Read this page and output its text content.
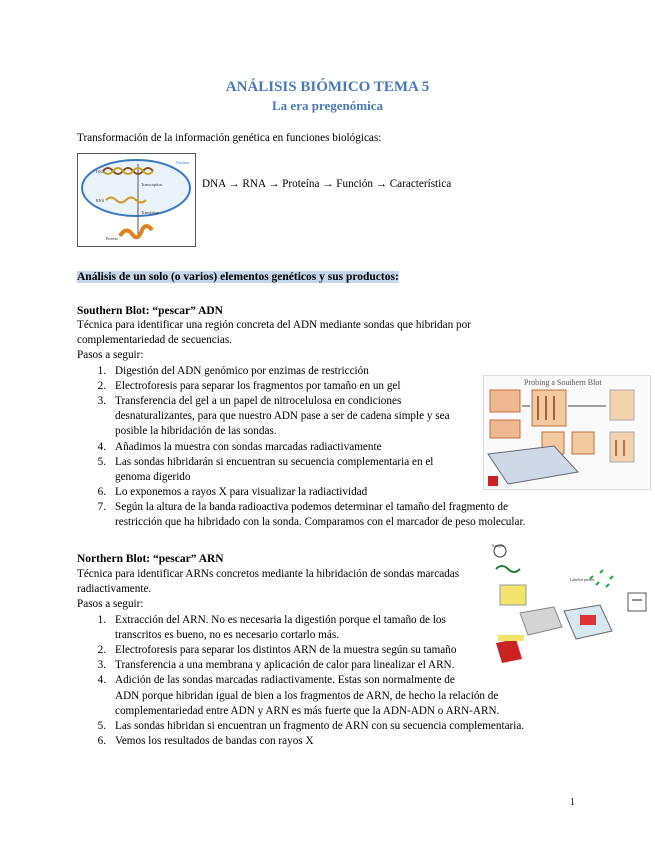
ANÁLISIS BIÓMICO TEMA 5
La era pregenómica
Transformación de la información genética en funciones biológicas:
Nucleus
DNA
Transcription
RNA
Translation
Protein
DNA → RNA → Proteína → Función → Característica
Análisis de un solo (o varios) elementos genéticos y sus productos:
Southern Blot: “pescar” ADN
Técnica para identificar una región concreta del ADN mediante sondas que hibridan por
complementariedad de secuencias.
Pasos a seguir:
1. Digestión del ADN genómico por enzimas de restricción
2. Electroforesis para separar los fragmentos por tamaño en un gel
3. Transferencia del gel a un papel de nitrocelulosa en condiciones
desnaturalizantes, para que nuestro ADN pase a ser de cadena simple y sea
posible la hibridación de las sondas.
4. Añadimos la muestra con sondas marcadas radiactivamente
5. Las sondas hibridarán si encuentran su secuencia complementaria en el
genoma digerido
6. Lo exponemos a rayos X para visualizar la radiactividad
7. Según la altura de la banda radioactiva podemos determinar el tamaño del fragmento de
restricción que ha hibridado con la sonda. Comparamos con el marcador de peso molecular.
Probing a Southern Blot
Northern Blot: “pescar” ARN
Técnica para identificar ARNs concretos mediante la hibridación de sondas marcadas
radiactivamente.
Pasos a seguir:
1. Extracción del ARN. No es necesaria la digestión porque el tamaño de los
transcritos es bueno, no es necesario cortarlo más.
2. Electroforesis para separar los distintos ARN de la muestra según su tamaño
3. Transferencia a una membrana y aplicación de calor para linealizar el ARN.
4. Adición de las sondas marcadas radiactivamente. Estas son normalmente de
ADN porque hibridan igual de bien a los fragmentos de ARN, de hecho la relación de
complementariedad entre ADN y ARN es más fuerte que la ADN-ADN o ARN-ARN.
5. Las sondas hibridan si encuentran un fragmento de ARN con su secuencia complementaria.
6. Vemos los resultados de bandas con rayos X
Sample
Labeled probes
1
